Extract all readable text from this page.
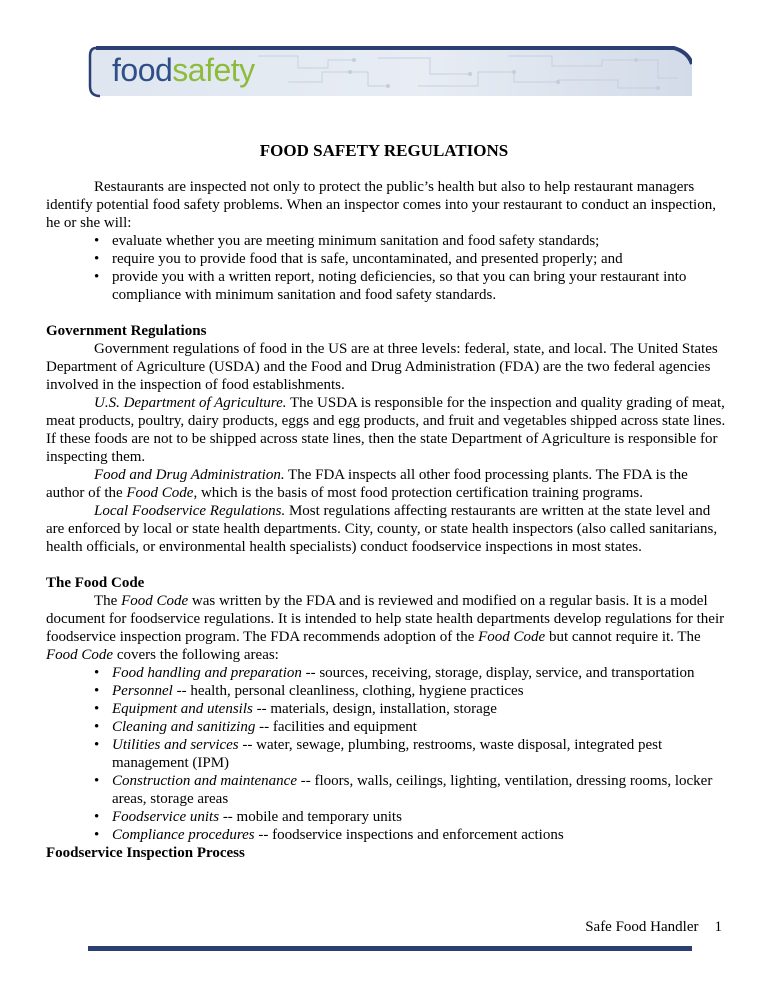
foodsafety
FOOD SAFETY REGULATIONS

Restaurants are inspected not only to protect the public’s health but also to help restaurant managers identify potential food safety problems. When an inspector comes into your restaurant to conduct an inspection, he or she will:

• evaluate whether you are meeting minimum sanitation and food safety standards;
• require you to provide food that is safe, uncontaminated, and presented properly; and
• provide you with a written report, noting deficiencies, so that you can bring your restaurant into compliance with minimum sanitation and food safety standards.

Government Regulations

Government regulations of food in the US are at three levels: federal, state, and local. The United States Department of Agriculture (USDA) and the Food and Drug Administration (FDA) are the two federal agencies involved in the inspection of food establishments.

U.S. Department of Agriculture. The USDA is responsible for the inspection and quality grading of meat, meat products, poultry, dairy products, eggs and egg products, and fruit and vegetables shipped across state lines. If these foods are not to be shipped across state lines, then the state Department of Agriculture is responsible for inspecting them.

Food and Drug Administration. The FDA inspects all other food processing plants. The FDA is the author of the Food Code, which is the basis of most food protection certification training programs.

Local Foodservice Regulations. Most regulations affecting restaurants are written at the state level and are enforced by local or state health departments. City, county, or state health inspectors (also called sanitarians, health officials, or environmental health specialists) conduct foodservice inspections in most states.

The Food Code

The Food Code was written by the FDA and is reviewed and modified on a regular basis. It is a model document for foodservice regulations. It is intended to help state health departments develop regulations for their foodservice inspection program. The FDA recommends adoption of the Food Code but cannot require it. The Food Code covers the following areas:

• Food handling and preparation -- sources, receiving, storage, display, service, and transportation
• Personnel -- health, personal cleanliness, clothing, hygiene practices
• Equipment and utensils -- materials, design, installation, storage
• Cleaning and sanitizing -- facilities and equipment
• Utilities and services -- water, sewage, plumbing, restrooms, waste disposal, integrated pest management (IPM)
• Construction and maintenance -- floors, walls, ceilings, lighting, ventilation, dressing rooms, locker areas, storage areas
• Foodservice units -- mobile and temporary units
• Compliance procedures -- foodservice inspections and enforcement actions

Foodservice Inspection Process

Safe Food Handler 1
